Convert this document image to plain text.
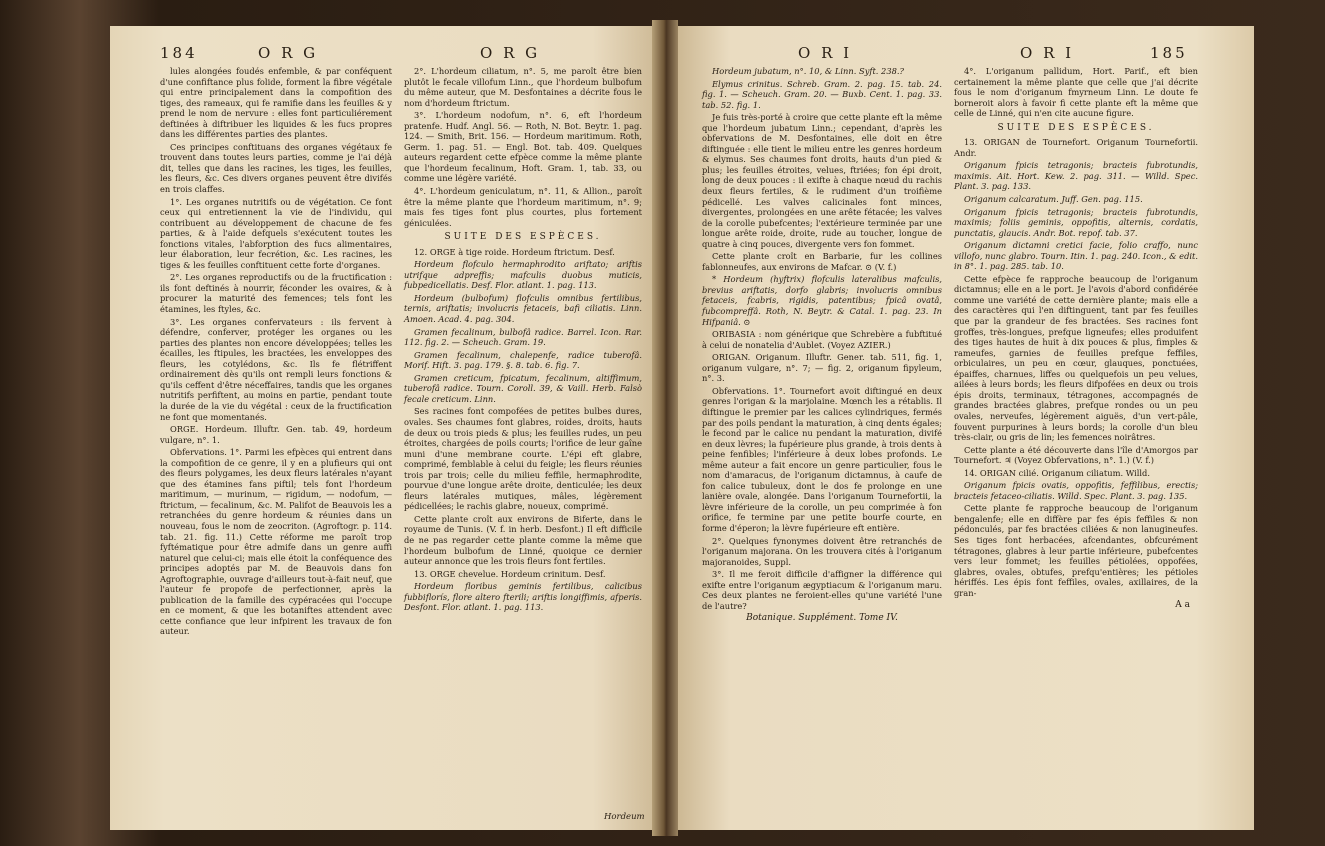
184	O R G	O R G	O R I	O R I	185

lules alongées foudés enfemble, & par conféquent d'une confiftance plus folide, forment la fibre végétale qui entre principalement dans la compofition des tiges, des rameaux, qui fe ramifie dans les feuilles & y prend le nom de nervure : elles font particuliérement deftinées à diftribuer les liquides & les fucs propres dans les différentes parties des plantes.

Ces principes conftituans des organes végétaux fe trouvent dans toutes leurs parties, comme je l'ai déjà dit, telles que dans les racines, les tiges, les feuilles, les fleurs, &c. Ces divers organes peuvent être divifés en trois claffes.

1°. Les organes nutritifs ou de végétation. Ce font ceux qui entretiennent la vie de l'individu, qui contribuent au développement de chacune de fes parties, & à l'aide defquels s'exécutent toutes les fonctions vitales, l'abforption des fucs alimentaires, leur élaboration, leur fecrétion, &c. Les racines, les tiges & les feuilles conftituent cette forte d'organes.

2°. Les organes reproductifs ou de la fructification : ils font deftinés à nourrir, féconder les ovaires, & à procurer la maturité des femences; tels font les étamines, les ftyles, &c.

3°. Les organes confervateurs : ils fervent à défendre, conferver, protéger les organes ou les parties des plantes non encore développées; telles les écailles, les ftipules, les bractées, les enveloppes des fleurs, les cotylédons, &c. Ils fe flétriffent ordinairement dès qu'ils ont rempli leurs fonctions & qu'ils ceffent d'être néceffaires, tandis que les organes nutritifs perfiftent, au moins en partie, pendant toute la durée de la vie du végétal : ceux de la fructification ne font que momentanés.

ORGE. Hordeum. Illuftr. Gen. tab. 49, hordeum vulgare, n°. 1.

Obfervations. 1°. Parmi les efpèces qui entrent dans la compofition de ce genre, il y en a plufieurs qui ont des fleurs polygames, les deux fleurs latérales n'ayant que des étamines fans piftil; tels font l'hordeum maritimum, — murinum, — rigidum, — nodofum, — ftrictum, — fecalinum, &c. M. Palifot de Beauvois les a retranchées du genre hordeum & réunies dans un nouveau, fous le nom de zeocriton. (Agroftogr. p. 114. tab. 21. fig. 11.) Cette réforme me paroît trop fyftématique pour être admife dans un genre auffi naturel que celui-ci; mais elle étoit la conféquence des principes adoptés par M. de Beauvois dans fon Agroftographie, ouvrage d'ailleurs tout-à-fait neuf, que l'auteur fe propofe de perfectionner, après la publication de la famille des cypéracées qui l'occupe en ce moment, & que les botaniftes attendent avec cette confiance que leur infpirent les travaux de fon auteur.

2°. L'hordeum ciliatum, n°. 5, me paroît être bien plutôt le fecale villofum Linn., que l'hordeum bulbofum du même auteur, que M. Desfontaines a décrite fous le nom d'hordeum ftrictum.

3°. L'hordeum nodofum, n°. 6, eft l'hordeum pratenfe. Hudf. Angl. 56. — Roth, N. Bot. Beytr. 1. pag. 124. — Smith, Brit. 156. — Hordeum maritimum. Roth, Germ. 1. pag. 51. — Engl. Bot. tab. 409. Quelques auteurs regardent cette efpèce comme la même plante que l'hordeum fecalinum, Hoft. Gram. 1, tab. 33, ou comme une légère variété.

4°. L'hordeum geniculatum, n°. 11, & Allion., paroît être la même plante que l'hordeum maritimum, n°. 9; mais fes tiges font plus courtes, plus fortement géniculées.

SUITE DES ESPÈCES.

12. ORGE à tige roide. Hordeum ftrictum. Desf.

Hordeum flofculo hermaphrodito ariftato; ariftis utrifque adpreffis; mafculis duobus muticis, fubpedicellatis. Desf. Flor. atlant. 1. pag. 113.

Hordeum (bulbofum) flofculis omnibus fertilibus, ternis, ariftatis; involucris fetaceis, bafi ciliatis. Linn. Amoen. Acad. 4. pag. 304.

Gramen fecalinum, bulbofâ radice. Barrel. Icon. Rar. 112. fig. 2. — Scheuch. Gram. 19.

Gramen fecalinum, chalepenfe, radice tuberofâ. Morif. Hift. 3. pag. 179. §. 8. tab. 6. fig. 7.

Gramen creticum, fpicatum, fecalinum, altiffimum, tuberofâ radice. Tourn. Coroll. 39, & Vaill. Herb. Falsò fecale creticum. Linn.

Ses racines font compofées de petites bulbes dures, ovales. Ses chaumes font glabres, roides, droits, hauts de deux ou trois pieds & plus; les feuilles rudes, un peu étroites, chargées de poils courts; l'orifice de leur gaîne muni d'une membrane courte. L'épi eft glabre, comprimé, femblable à celui du feigle; les fleurs réunies trois par trois; celle du milieu feffile, hermaphrodite, pourvue d'une longue arête droite, denticulée; les deux fleurs latérales mutiques, mâles, légèrement pédicellées; le rachis glabre, noueux, comprimé.

Cette plante croît aux environs de Biferte, dans le royaume de Tunis. (V. f. in herb. Desfont.) Il eft difficile de ne pas regarder cette plante comme la même que l'hordeum bulbofum de Linné, quoique ce dernier auteur annonce que les trois fleurs font fertiles.

13. ORGE chevelue. Hordeum crinitum. Desf.

Hordeum floribus geminis fertilibus, calicibus fubbiflorís, flore altero fterili; ariftis longiffimis, afperis. Desfont. Flor. atlant. 1. pag. 113.

Hordeum

Hordeum jubatum, n°. 10, & Linn. Syft. 238.?

Elymus crinitus. Schreb. Gram. 2. pag. 15. tab. 24. fig. 1. — Scheuch. Gram. 20. — Buxb. Cent. 1. pag. 33. tab. 52. fig. 1.

Je fuis très-porté à croire que cette plante eft la même que l'hordeum jubatum Linn.; cependant, d'après les obfervations de M. Desfontaines, elle doit en être diftinguée : elle tient le milieu entre les genres hordeum & elymus. Ses chaumes font droits, hauts d'un pied & plus; les feuilles étroites, velues, ftriées; fon épi droit, long de deux pouces : il exifte à chaque nœud du rachis deux fleurs fertiles, & le rudiment d'un troifième pédicellé. Les valves calicinales font minces, divergentes, prolongées en une arête fétacée; les valves de la corolle pubefcentes; l'extérieure terminée par une longue arête roide, droite, rude au toucher, longue de quatre à cinq pouces, divergente vers fon fommet.

Cette plante croît en Barbarie, fur les collines fablonneufes, aux environs de Mafcar. ⊙ (V. f.)

* Hordeum (hyftrix) flofculis lateralibus mafculis, brevius ariftatis, dorfo glabris; involucris omnibus fetaceis, fcabris, rigidis, patentibus; fpicâ ovatâ, fubcompreffâ. Roth, N. Beytr. & Catal. 1. pag. 23. In Hifpaniâ. ⊙

ORIBASIA : nom générique que Schrebère a fubftitué à celui de nonatelia d'Aublet. (Voyez AZIER.)

ORIGAN. Origanum. Illuftr. Gener. tab. 511, fig. 1, origanum vulgare, n°. 7; — fig. 2, origanum fipyleum, n°. 3.

Obfervations. 1°. Tournefort avoit diftingué en deux genres l'origan & la marjolaine. Mœnch les a rétablis. Il diftingue le premier par les calices cylindriques, fermés par des poils pendant la maturation, à cinq dents égales; le fecond par le calice nu pendant la maturation, divifé en deux lèvres; la fupérieure plus grande, à trois dents à peine fenfibles; l'inférieure à deux lobes profonds. Le même auteur a fait encore un genre particulier, fous le nom d'amaracus, de l'origanum dictamnus, à caufe de fon calice tubuleux, dont le dos fe prolonge en une lanière ovale, alongée. Dans l'origanum Tournefortii, la lèvre inférieure de la corolle, un peu comprimée à fon orifice, fe termine par une petite bourfe courte, en forme d'éperon; la lèvre fupérieure eft entière.

2°. Quelques fynonymes doivent être retranchés de l'origanum majorana. On les trouvera cités à l'origanum majoranoides, Suppl.

3°. Il me feroit difficile d'affigner la différence qui exifte entre l'origanum ægyptiacum & l'origanum maru. Ces deux plantes ne feroient-elles qu'une variété l'une de l'autre?

Botanique. Supplément. Tome IV.

4°. L'origanum pallidum, Hort. Parif., eft bien certainement la même plante que celle que j'ai décrite fous le nom d'origanum fmyrneum Linn. Le doute fe borneroit alors à favoir fi cette plante eft la même que celle de Linné, qui n'en cite aucune figure.

SUITE DES ESPÈCES.

13. ORIGAN de Tournefort. Origanum Tournefortii. Andr.

Origanum fpicis tetragonis; bracteis fubrotundis, maximis. Ait. Hort. Kew. 2. pag. 311. — Willd. Spec. Plant. 3. pag. 133.

Origanum calcaratum. Juff. Gen. pag. 115.

Origanum fpicis tetragonis; bracteis fubrotundis, maximis; foliis geminis, oppofitis, alternis, cordatis, punctatis, glaucis. Andr. Bot. repof. tab. 37.

Origanum dictamni cretici facie, folio craffo, nunc villofo, nunc glabro. Tourn. Itin. 1. pag. 240. Icon., & edit. in 8°. 1. pag. 285. tab. 10.

Cette efpèce fe rapproche beaucoup de l'origanum dictamnus; elle en a le port. Je l'avois d'abord confidérée comme une variété de cette dernière plante; mais elle a des caractères qui l'en diftinguent, tant par fes feuilles que par la grandeur de fes bractées. Ses racines font groffes, très-longues, prefque ligneufes; elles produifent des tiges hautes de huit à dix pouces & plus, fimples & rameufes, garnies de feuilles prefque feffiles, orbiculaires, un peu en cœur, glauques, ponctuées, épaiffes, charnues, liffes ou quelquefois un peu velues, ailées à leurs bords; les fleurs difpofées en deux ou trois épis droits, terminaux, tétragones, accompagnés de grandes bractées glabres, prefque rondes ou un peu ovales, nerveufes, légèrement aiguës, d'un vert-pâle, fouvent purpurines à leurs bords; la corolle d'un bleu très-clair, ou gris de lin; les femences noirâtres.

Cette plante a été découverte dans l'île d'Amorgos par Tournefort. ♃ (Voyez Obfervations, n°. 1.) (V. f.)

14. ORIGAN cilié. Origanum ciliatum. Willd.

Origanum fpicis ovatis, oppofitis, feffilibus, erectis; bracteis fetaceo-ciliatis. Willd. Spec. Plant. 3. pag. 135.

Cette plante fe rapproche beaucoup de l'origanum bengalenfe; elle en diffère par fes épis feffiles & non pédonculés, par fes bractées ciliées & non lanugineufes. Ses tiges font herbacées, afcendantes, obfcurément tétragones, glabres à leur partie inférieure, pubefcentes vers leur fommet; les feuilles pétiolées, oppofées, glabres, ovales, obtufes, prefqu'entières; les pétioles hériffés. Les épis font feffiles, ovales, axillaires, de la gran-

A a
